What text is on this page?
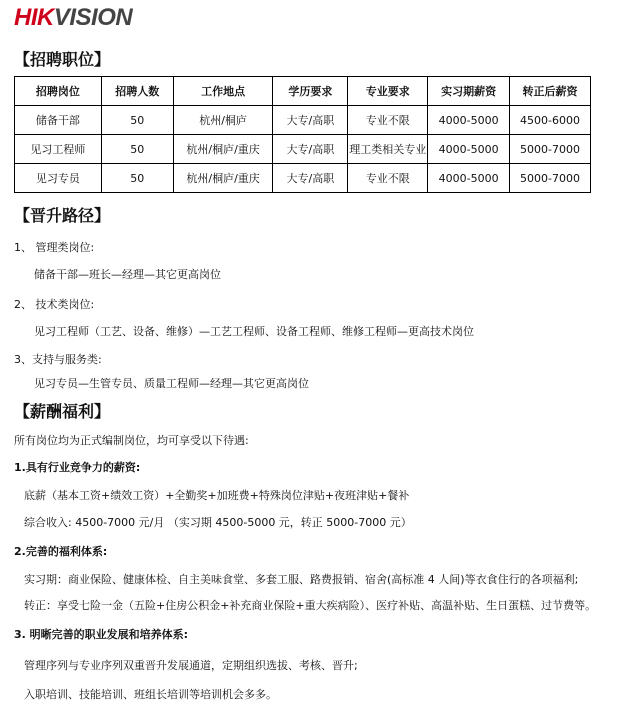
HIKVISION
【招聘职位】
招聘岗位	招聘人数	工作地点	学历要求	专业要求	实习期薪资	转正后薪资
储备干部	50	杭州/桐庐	大专/高职	专业不限	4000-5000	4500-6000
见习工程师	50	杭州/桐庐/重庆	大专/高职	理工类相关专业	4000-5000	5000-7000
见习专员	50	杭州/桐庐/重庆	大专/高职	专业不限	4000-5000	5000-7000
【晋升路径】
1、 管理类岗位:
储备干部—班长—经理—其它更高岗位
2、 技术类岗位:
见习工程师（工艺、设备、维修）—工艺工程师、设备工程师、维修工程师—更高技术岗位
3、支持与服务类:
见习专员—生管专员、质量工程师—经理—其它更高岗位
【薪酬福利】
所有岗位均为正式编制岗位，均可享受以下待遇:
1.具有行业竞争力的薪资:
底薪（基本工资+绩效工资）+全勤奖+加班费+特殊岗位津贴+夜班津贴+餐补
综合收入: 4500-7000 元/月 （实习期 4500-5000 元，转正 5000-7000 元）
2.完善的福利体系:
实习期：商业保险、健康体检、自主美味食堂、多套工服、路费报销、宿舍(高标准 4 人间)等衣食住行的各项福利;
转正：享受七险一金（五险+住房公积金+补充商业保险+重大疾病险）、医疗补贴、高温补贴、生日蛋糕、过节费等。
3. 明晰完善的职业发展和培养体系:
管理序列与专业序列双重晋升发展通道，定期组织选拔、考核、晋升;
入职培训、技能培训、班组长培训等培训机会多多。
